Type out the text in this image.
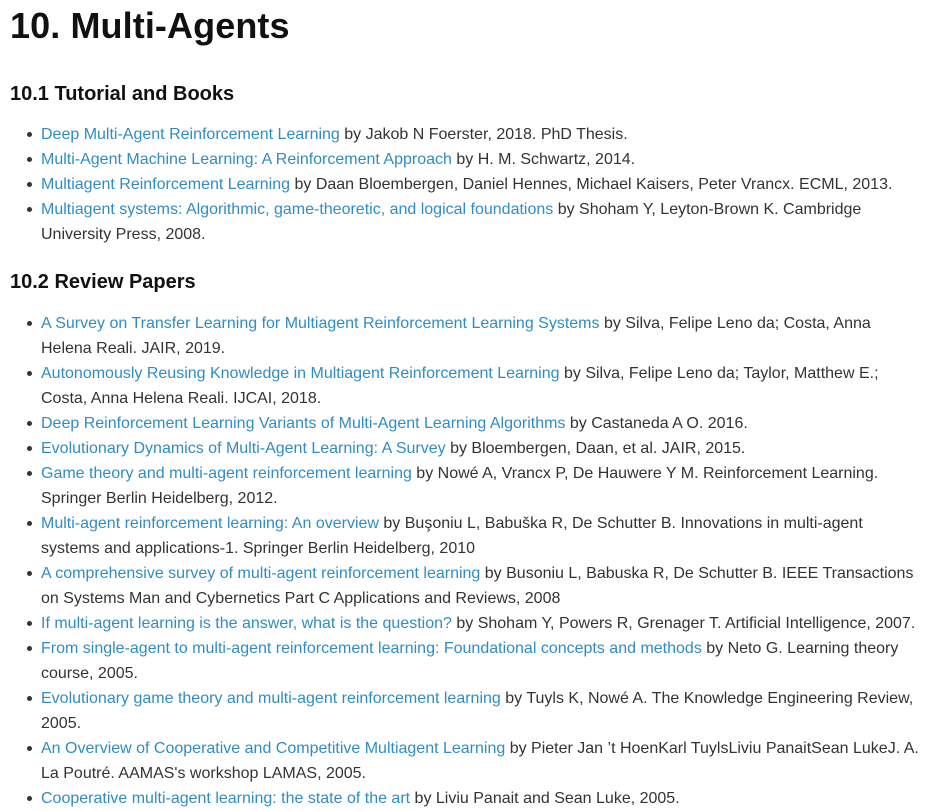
10. Multi-Agents
10.1 Tutorial and Books
Deep Multi-Agent Reinforcement Learning by Jakob N Foerster, 2018. PhD Thesis.
Multi-Agent Machine Learning: A Reinforcement Approach by H. M. Schwartz, 2014.
Multiagent Reinforcement Learning by Daan Bloembergen, Daniel Hennes, Michael Kaisers, Peter Vrancx. ECML, 2013.
Multiagent systems: Algorithmic, game-theoretic, and logical foundations by Shoham Y, Leyton-Brown K. Cambridge University Press, 2008.
10.2 Review Papers
A Survey on Transfer Learning for Multiagent Reinforcement Learning Systems by Silva, Felipe Leno da; Costa, Anna Helena Reali. JAIR, 2019.
Autonomously Reusing Knowledge in Multiagent Reinforcement Learning by Silva, Felipe Leno da; Taylor, Matthew E.; Costa, Anna Helena Reali. IJCAI, 2018.
Deep Reinforcement Learning Variants of Multi-Agent Learning Algorithms by Castaneda A O. 2016.
Evolutionary Dynamics of Multi-Agent Learning: A Survey by Bloembergen, Daan, et al. JAIR, 2015.
Game theory and multi-agent reinforcement learning by Nowé A, Vrancx P, De Hauwere Y M. Reinforcement Learning. Springer Berlin Heidelberg, 2012.
Multi-agent reinforcement learning: An overview by Buşoniu L, Babuška R, De Schutter B. Innovations in multi-agent systems and applications-1. Springer Berlin Heidelberg, 2010
A comprehensive survey of multi-agent reinforcement learning by Busoniu L, Babuska R, De Schutter B. IEEE Transactions on Systems Man and Cybernetics Part C Applications and Reviews, 2008
If multi-agent learning is the answer, what is the question? by Shoham Y, Powers R, Grenager T. Artificial Intelligence, 2007.
From single-agent to multi-agent reinforcement learning: Foundational concepts and methods by Neto G. Learning theory course, 2005.
Evolutionary game theory and multi-agent reinforcement learning by Tuyls K, Nowé A. The Knowledge Engineering Review, 2005.
An Overview of Cooperative and Competitive Multiagent Learning by Pieter Jan ’t HoenKarl TuylsLiviu PanaitSean LukeJ. A. La Poutré. AAMAS's workshop LAMAS, 2005.
Cooperative multi-agent learning: the state of the art by Liviu Panait and Sean Luke, 2005.
